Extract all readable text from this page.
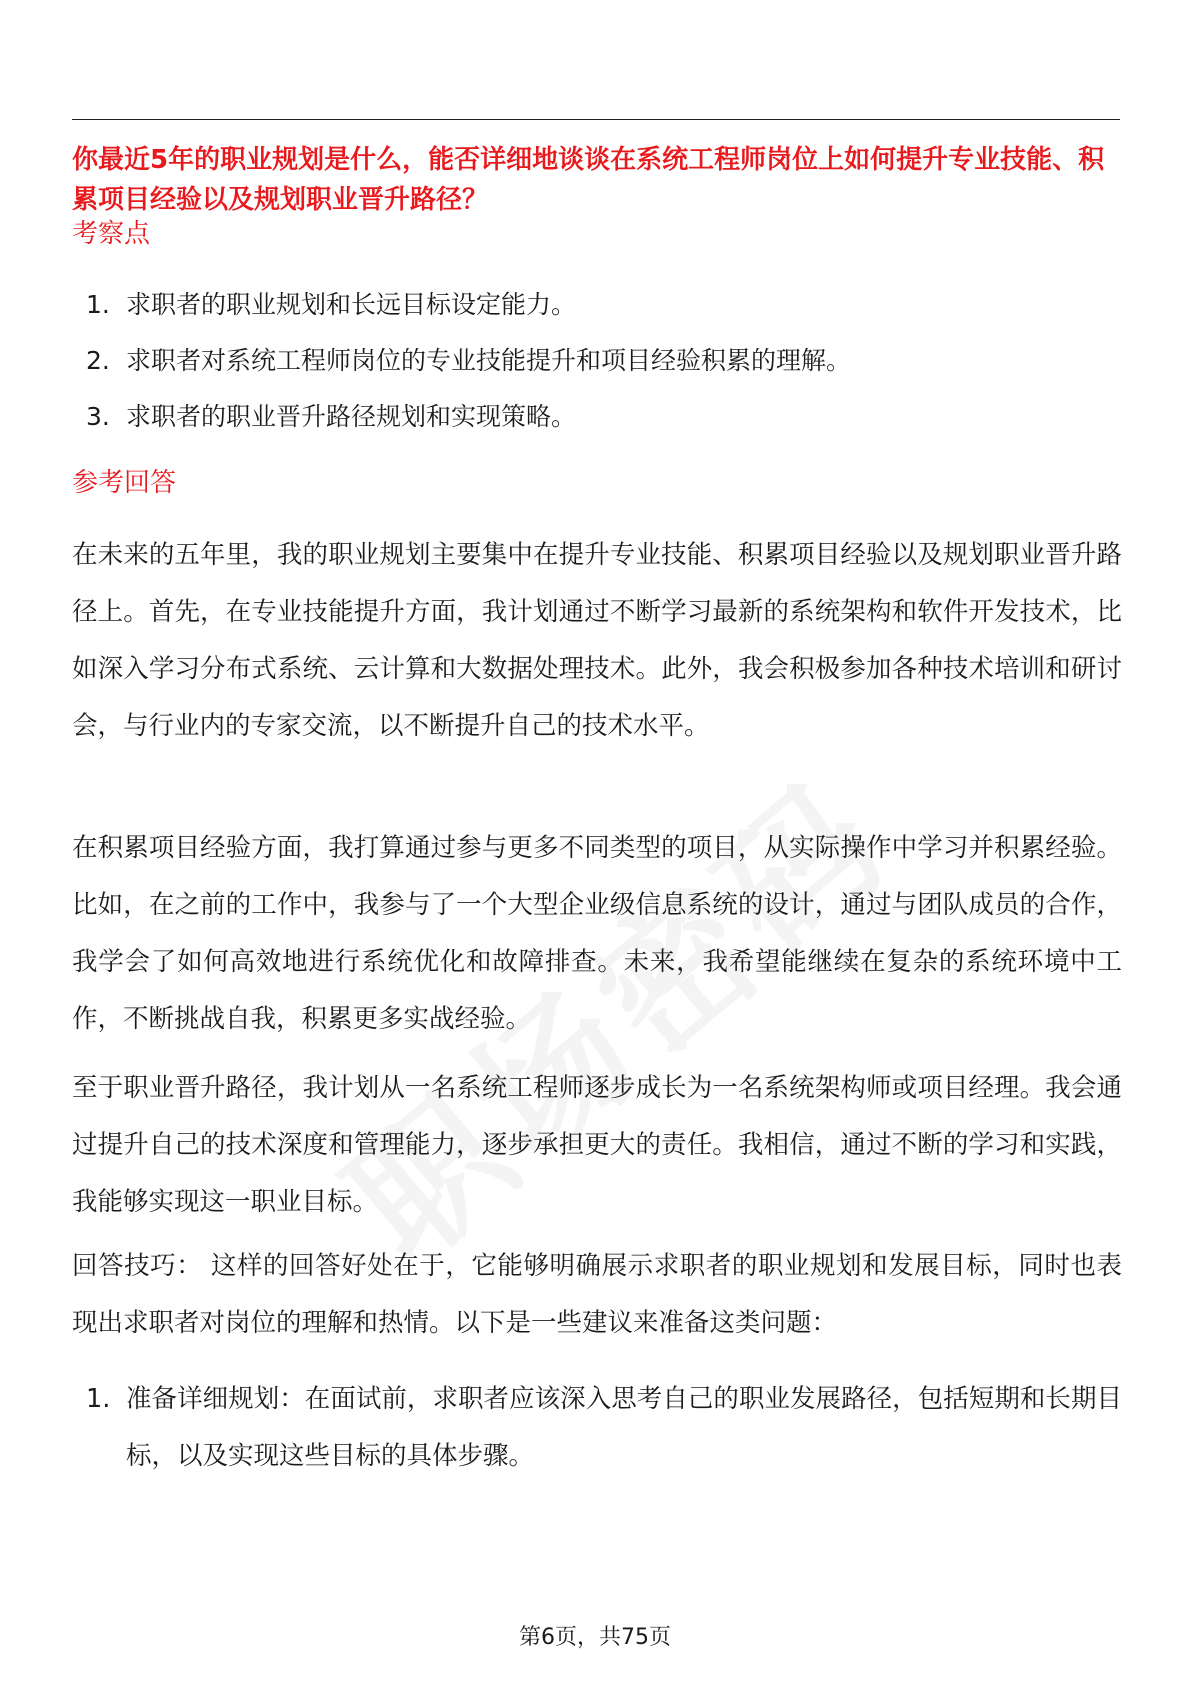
你最近5年的职业规划是什么，能否详细地谈谈在系统工程师岗位上如何提升专业技能、积累项目经验以及规划职业晋升路径？
考察点
1. 求职者的职业规划和长远目标设定能力。
2. 求职者对系统工程师岗位的专业技能提升和项目经验积累的理解。
3. 求职者的职业晋升路径规划和实现策略。
参考回答

在未来的五年里，我的职业规划主要集中在提升专业技能、积累项目经验以及规划职业晋升路径上。首先，在专业技能提升方面，我计划通过不断学习最新的系统架构和软件开发技术，比如深入学习分布式系统、云计算和大数据处理技术。此外，我会积极参加各种技术培训和研讨会，与行业内的专家交流，以不断提升自己的技术水平。

在积累项目经验方面，我打算通过参与更多不同类型的项目，从实际操作中学习并积累经验。比如，在之前的工作中，我参与了一个大型企业级信息系统的设计，通过与团队成员的合作，我学会了如何高效地进行系统优化和故障排查。未来，我希望能继续在复杂的系统环境中工作，不断挑战自我，积累更多实战经验。

至于职业晋升路径，我计划从一名系统工程师逐步成长为一名系统架构师或项目经理。我会通过提升自己的技术深度和管理能力，逐步承担更大的责任。我相信，通过不断的学习和实践，我能够实现这一职业目标。

回答技巧： 这样的回答好处在于，它能够明确展示求职者的职业规划和发展目标，同时也表现出求职者对岗位的理解和热情。以下是一些建议来准备这类问题：

1. 准备详细规划：在面试前，求职者应该深入思考自己的职业发展路径，包括短期和长期目标，以及实现这些目标的具体步骤。
第6页，共75页
